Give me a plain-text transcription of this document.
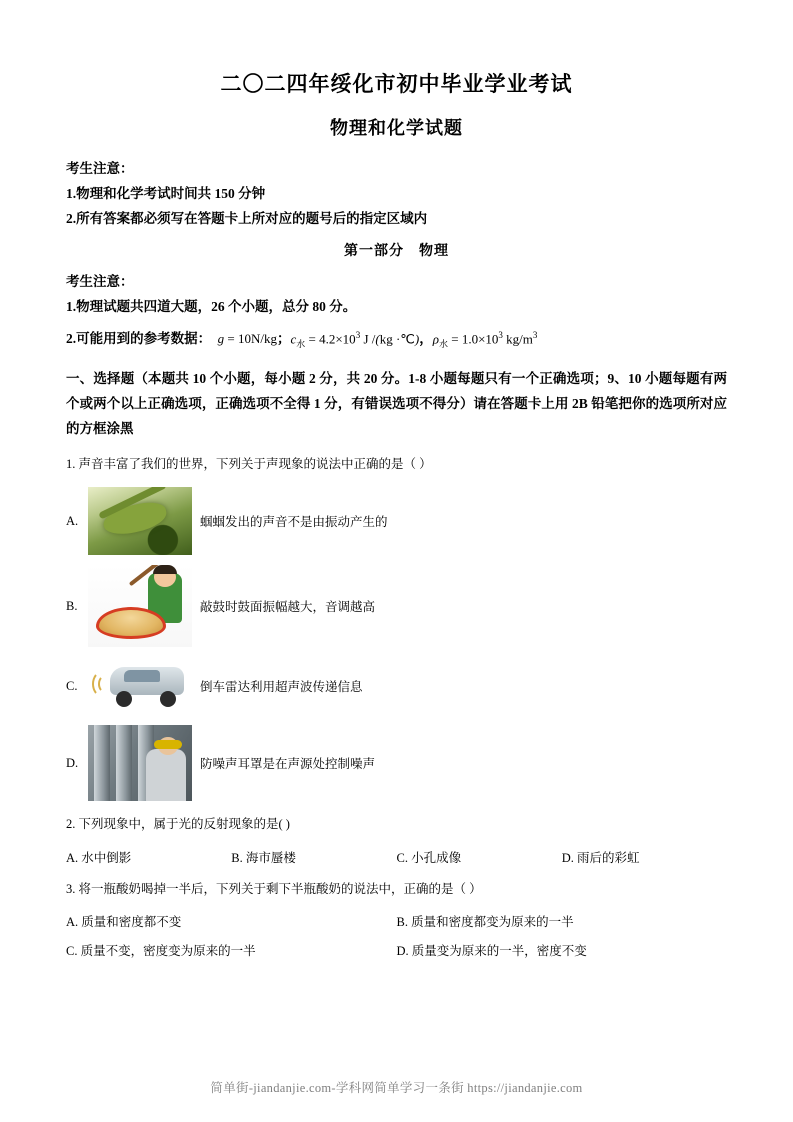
二〇二四年绥化市初中毕业学业考试
物理和化学试题

考生注意：

1.物理和化学考试时间共 150 分钟

2.所有答案都必须写在答题卡上所对应的题号后的指定区域内

第一部分　物理

考生注意：

1.物理试题共四道大题，26 个小题，总分 80 分。

2.可能用到的参考数据： g = 10N/kg ； $c_水 = 4.2\times 10^3$ J /(kg ·℃) ， $\rho_水 = 1.0\times 10^3$ $kg/m^3$

一、选择题（本题共 10 个小题，每小题 2 分，共 20 分。1-8 小题每题只有一个正确选项；9、10 小题每题有两个或两个以上正确选项，正确选项不全得 1 分，有错误选项不得分）请在答题卡上用 2B 铅笔把你的选项所对应的方框涂黑

1. 声音丰富了我们的世界，下列关于声现象的说法中正确的是（ ）

A.	蝈蝈发出的声音不是由振动产生的
B.	敲鼓时鼓面振幅越大，音调越高
C.	倒车雷达利用超声波传递信息
D.	防噪声耳罩是在声源处控制噪声

2. 下列现象中，属于光的反射现象的是( )

A. 水中倒影	B. 海市蜃楼	C. 小孔成像	D. 雨后的彩虹

3. 将一瓶酸奶喝掉一半后，下列关于剩下半瓶酸奶的说法中，正确的是（ ）

A. 质量和密度都不变	B. 质量和密度都变为原来的一半
C. 质量不变，密度变为原来的一半	D. 质量变为原来的一半，密度不变
简单街-jiandanjie.com-学科网简单学习一条街 https://jiandanjie.com
